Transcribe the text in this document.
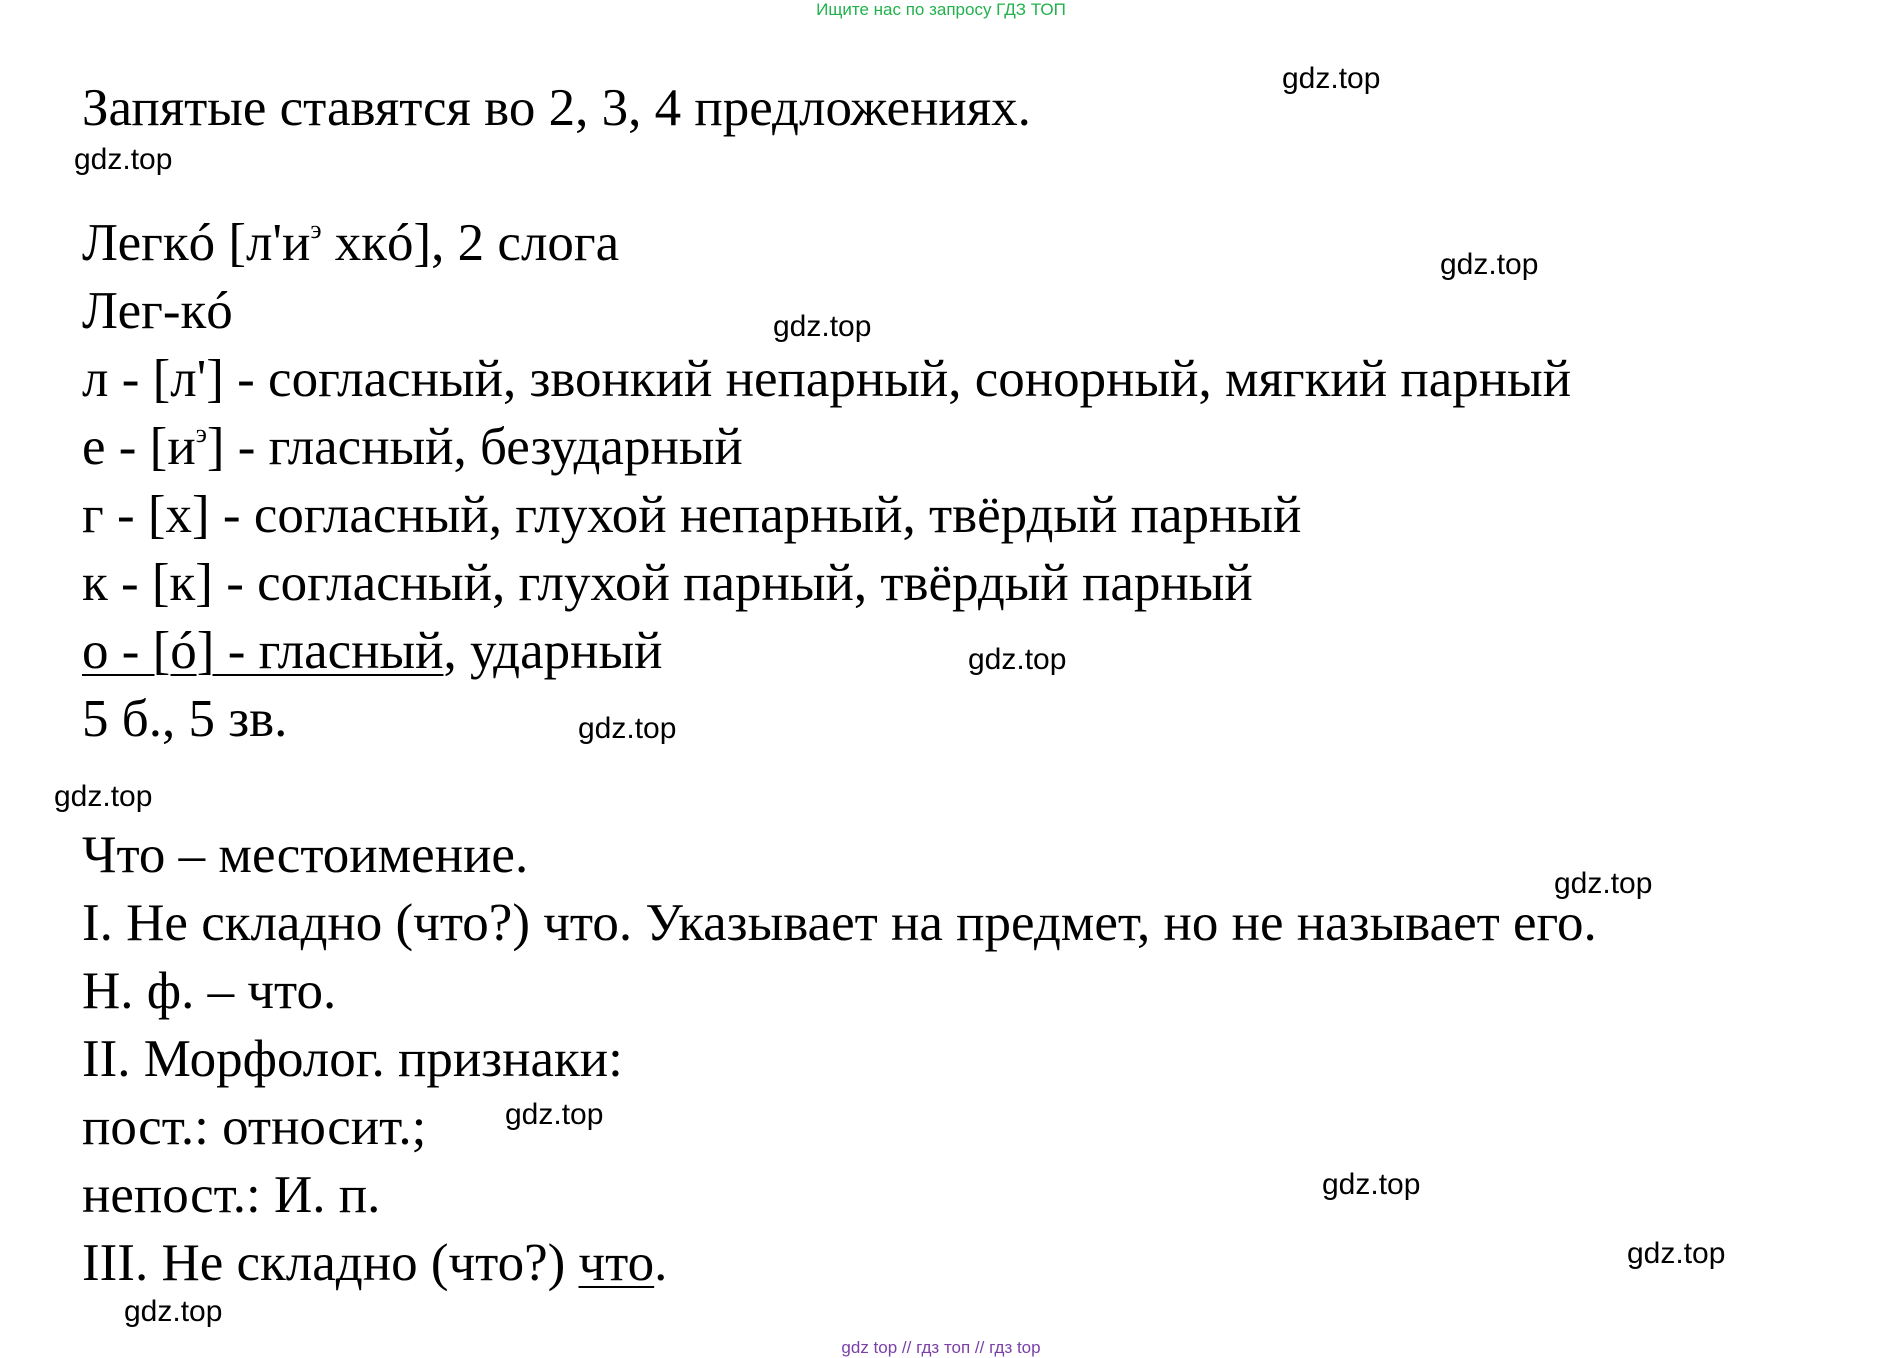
Ищите нас по запросу ГДЗ ТОП
Запятые ставятся во 2, 3, 4 предложениях.
Легкó [$л'и^э$ хкó], 2 слога
Лег-кó
л - [л'] - согласный, звонкий непарный, сонорный, мягкий парный
е - $[и^э]$ - гласный, безударный
г - [х] - согласный, глухой непарный, твёрдый парный
к - [к] - согласный, глухой парный, твёрдый парный
о - [ó] - гласный, ударный
5 б., 5 зв.
Что – местоимение.
I. Не складно (что?) что. Указывает на предмет, но не называет его.
Н. ф. – что.
II. Морфолог. признаки:
пост.: относит.;
непост.: И. п.
III. Не складно (что?) что.
gdz.top
gdz.top
gdz.top
gdz.top
gdz.top
gdz.top
gdz.top
gdz.top
gdz.top
gdz.top
gdz.top
gdz.top
gdz top // гдз топ // гдз top
